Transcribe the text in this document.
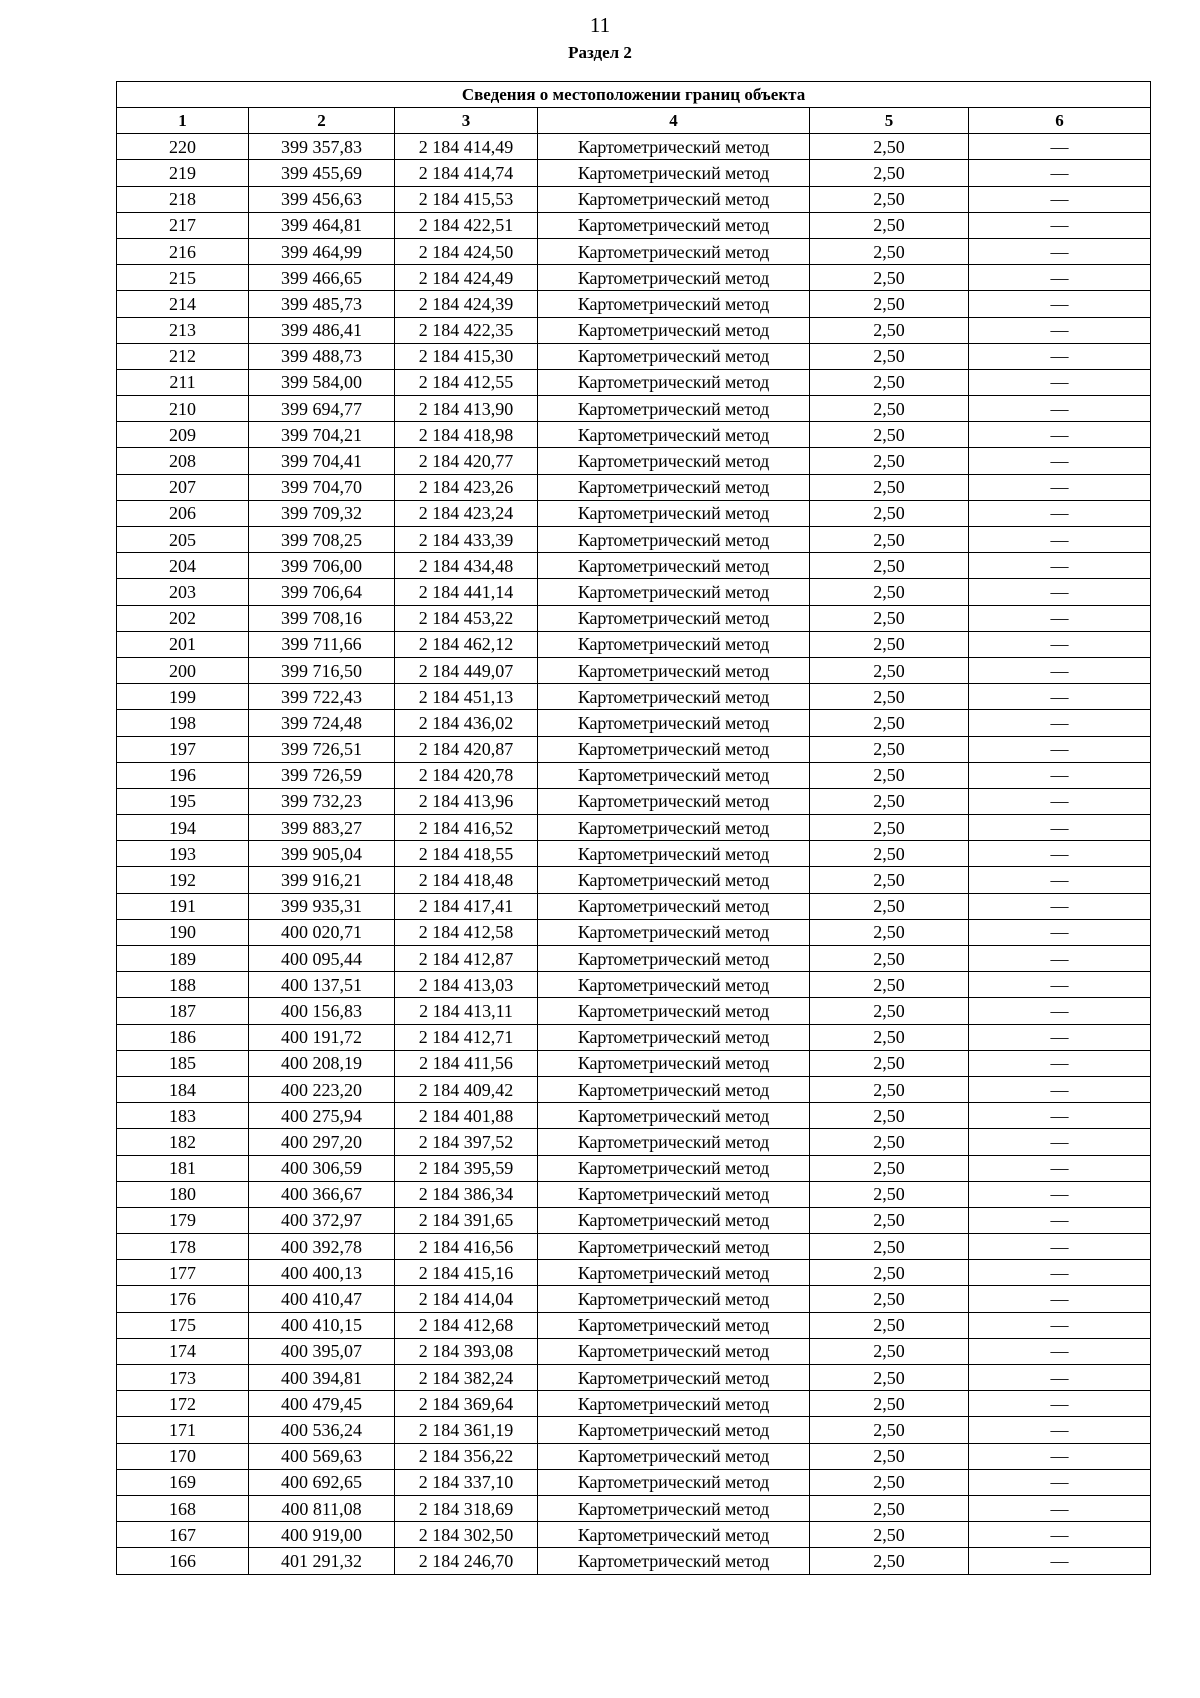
11
Раздел 2
Сведения о местоположении границ объекта					
1	2	3	4	5	6
220	399 357,83	2 184 414,49	Картометрический метод	2,50	—
219	399 455,69	2 184 414,74	Картометрический метод	2,50	—
218	399 456,63	2 184 415,53	Картометрический метод	2,50	—
217	399 464,81	2 184 422,51	Картометрический метод	2,50	—
216	399 464,99	2 184 424,50	Картометрический метод	2,50	—
215	399 466,65	2 184 424,49	Картометрический метод	2,50	—
214	399 485,73	2 184 424,39	Картометрический метод	2,50	—
213	399 486,41	2 184 422,35	Картометрический метод	2,50	—
212	399 488,73	2 184 415,30	Картометрический метод	2,50	—
211	399 584,00	2 184 412,55	Картометрический метод	2,50	—
210	399 694,77	2 184 413,90	Картометрический метод	2,50	—
209	399 704,21	2 184 418,98	Картометрический метод	2,50	—
208	399 704,41	2 184 420,77	Картометрический метод	2,50	—
207	399 704,70	2 184 423,26	Картометрический метод	2,50	—
206	399 709,32	2 184 423,24	Картометрический метод	2,50	—
205	399 708,25	2 184 433,39	Картометрический метод	2,50	—
204	399 706,00	2 184 434,48	Картометрический метод	2,50	—
203	399 706,64	2 184 441,14	Картометрический метод	2,50	—
202	399 708,16	2 184 453,22	Картометрический метод	2,50	—
201	399 711,66	2 184 462,12	Картометрический метод	2,50	—
200	399 716,50	2 184 449,07	Картометрический метод	2,50	—
199	399 722,43	2 184 451,13	Картометрический метод	2,50	—
198	399 724,48	2 184 436,02	Картометрический метод	2,50	—
197	399 726,51	2 184 420,87	Картометрический метод	2,50	—
196	399 726,59	2 184 420,78	Картометрический метод	2,50	—
195	399 732,23	2 184 413,96	Картометрический метод	2,50	—
194	399 883,27	2 184 416,52	Картометрический метод	2,50	—
193	399 905,04	2 184 418,55	Картометрический метод	2,50	—
192	399 916,21	2 184 418,48	Картометрический метод	2,50	—
191	399 935,31	2 184 417,41	Картометрический метод	2,50	—
190	400 020,71	2 184 412,58	Картометрический метод	2,50	—
189	400 095,44	2 184 412,87	Картометрический метод	2,50	—
188	400 137,51	2 184 413,03	Картометрический метод	2,50	—
187	400 156,83	2 184 413,11	Картометрический метод	2,50	—
186	400 191,72	2 184 412,71	Картометрический метод	2,50	—
185	400 208,19	2 184 411,56	Картометрический метод	2,50	—
184	400 223,20	2 184 409,42	Картометрический метод	2,50	—
183	400 275,94	2 184 401,88	Картометрический метод	2,50	—
182	400 297,20	2 184 397,52	Картометрический метод	2,50	—
181	400 306,59	2 184 395,59	Картометрический метод	2,50	—
180	400 366,67	2 184 386,34	Картометрический метод	2,50	—
179	400 372,97	2 184 391,65	Картометрический метод	2,50	—
178	400 392,78	2 184 416,56	Картометрический метод	2,50	—
177	400 400,13	2 184 415,16	Картометрический метод	2,50	—
176	400 410,47	2 184 414,04	Картометрический метод	2,50	—
175	400 410,15	2 184 412,68	Картометрический метод	2,50	—
174	400 395,07	2 184 393,08	Картометрический метод	2,50	—
173	400 394,81	2 184 382,24	Картометрический метод	2,50	—
172	400 479,45	2 184 369,64	Картометрический метод	2,50	—
171	400 536,24	2 184 361,19	Картометрический метод	2,50	—
170	400 569,63	2 184 356,22	Картометрический метод	2,50	—
169	400 692,65	2 184 337,10	Картометрический метод	2,50	—
168	400 811,08	2 184 318,69	Картометрический метод	2,50	—
167	400 919,00	2 184 302,50	Картометрический метод	2,50	—
166	401 291,32	2 184 246,70	Картометрический метод	2,50	—
